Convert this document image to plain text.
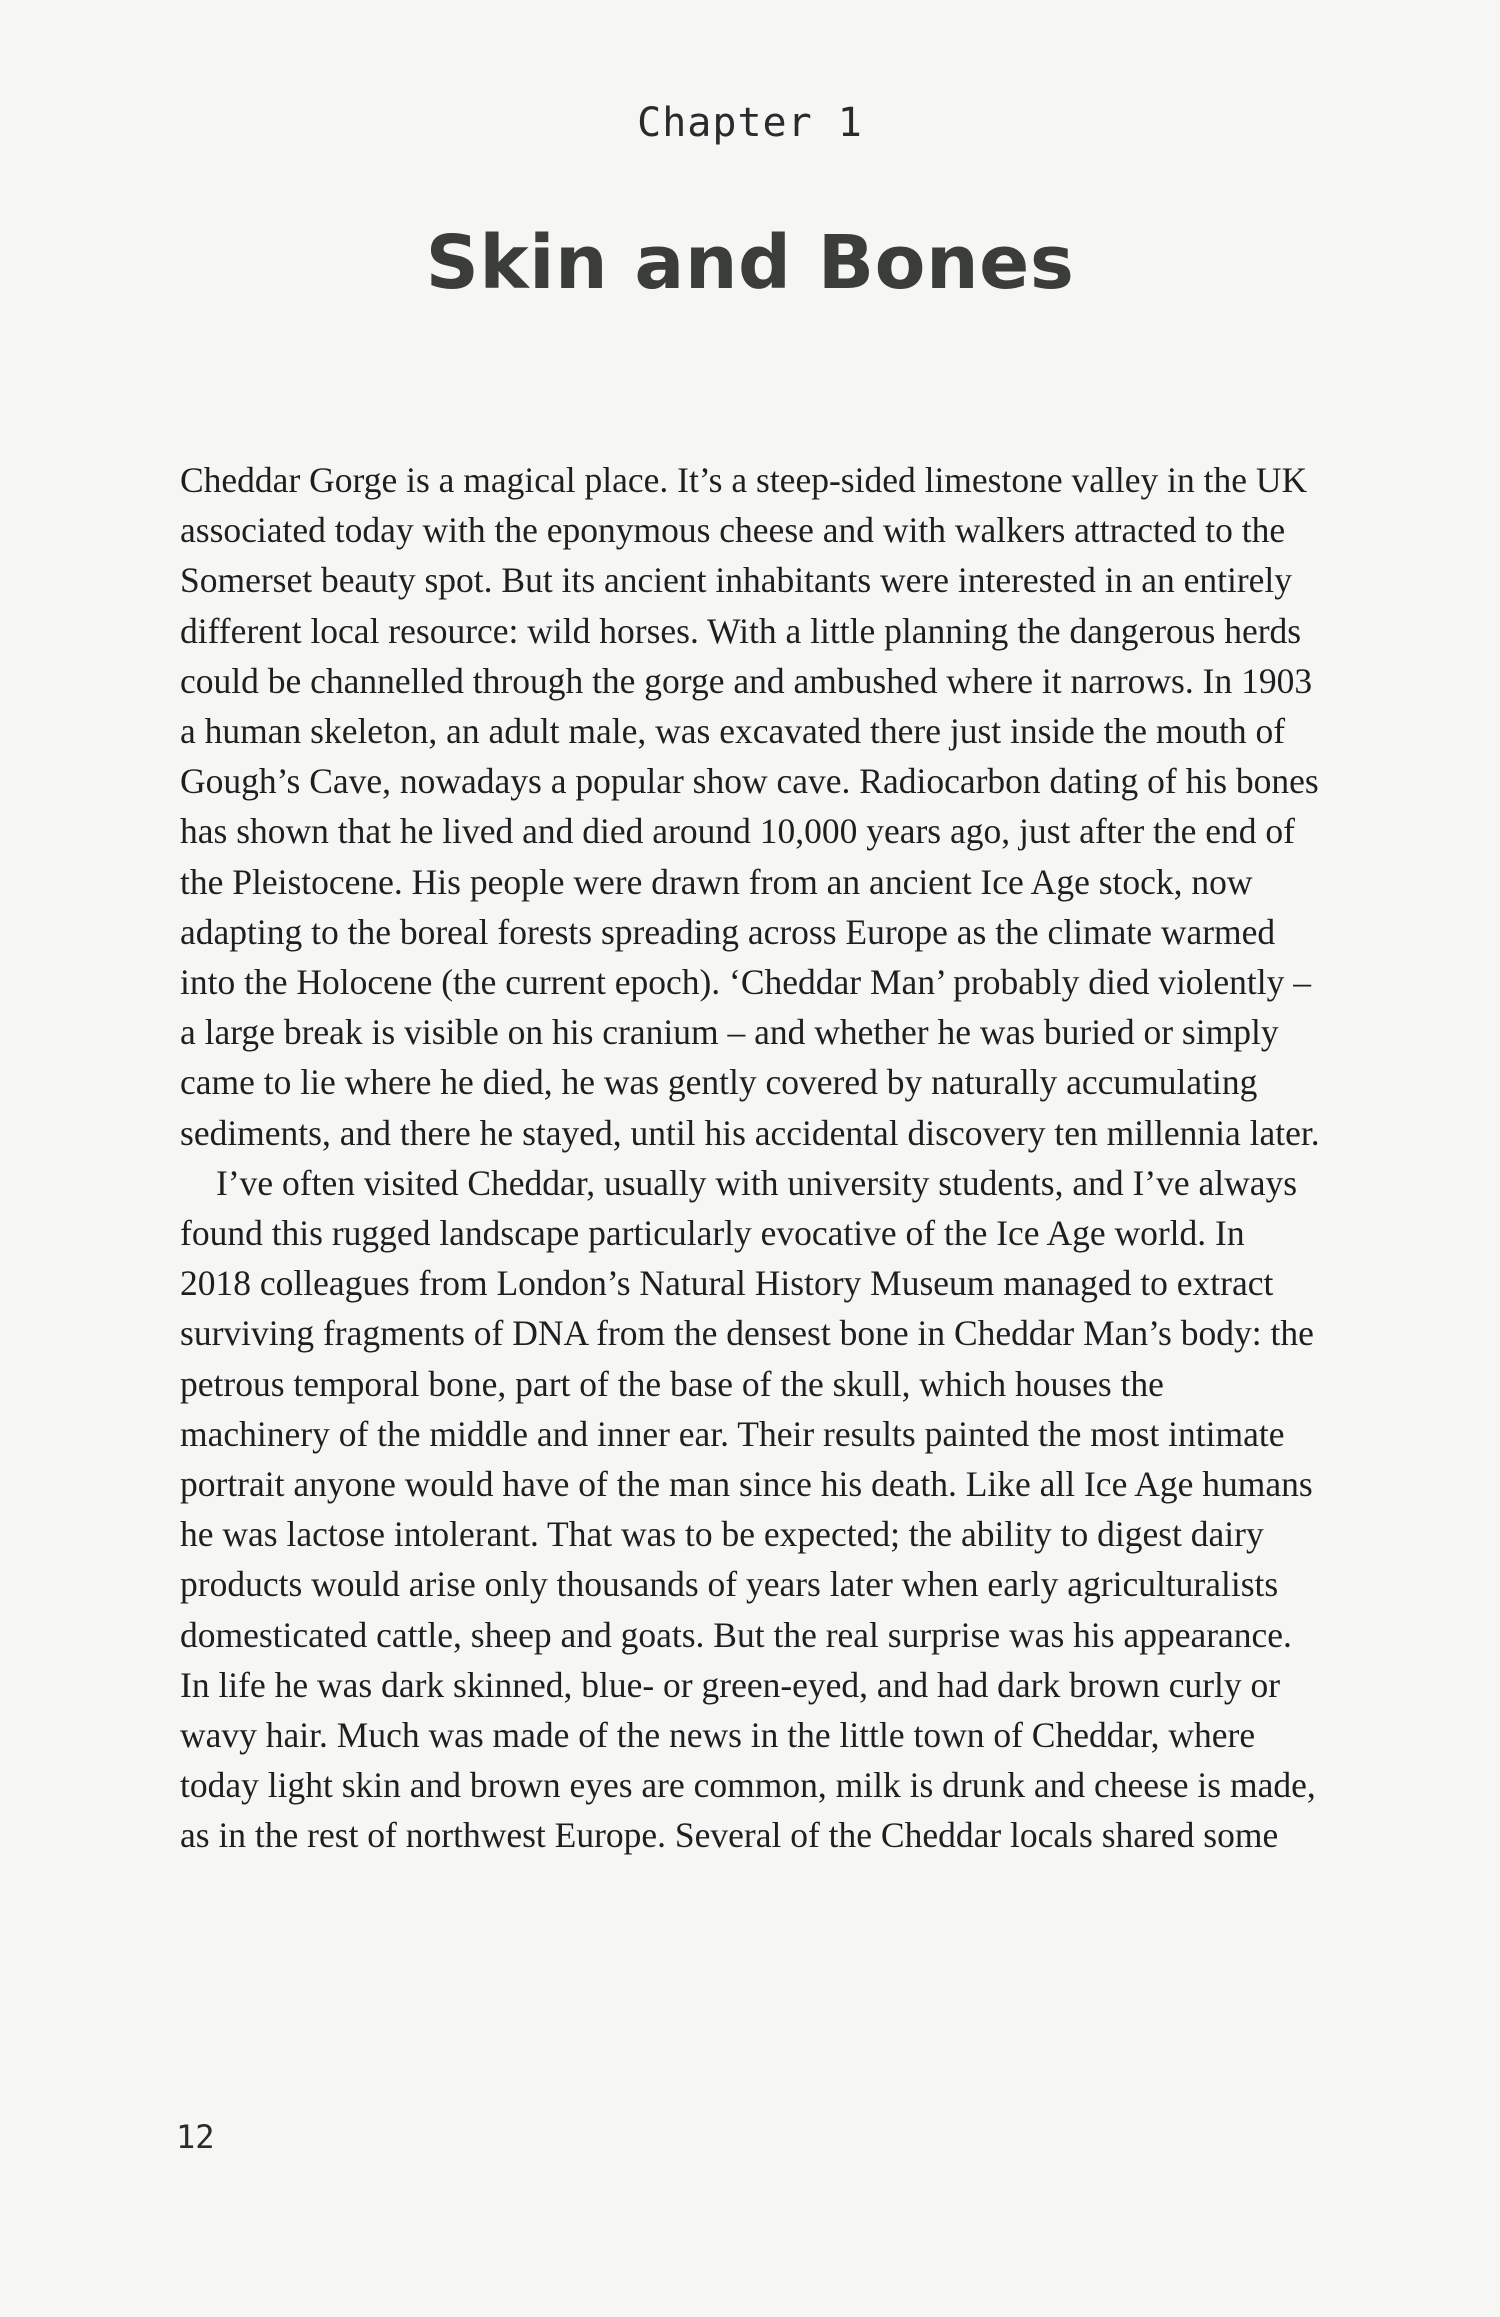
Chapter 1
Skin and Bones

Cheddar Gorge is a magical place. It’s a steep-sided limestone valley in the UK associated today with the eponymous cheese and with walkers attracted to the Somerset beauty spot. But its ancient inhabitants were interested in an entirely different local resource: wild horses. With a little planning the dangerous herds could be channelled through the gorge and ambushed where it narrows. In 1903 a human skeleton, an adult male, was excavated there just inside the mouth of Gough’s Cave, nowadays a popular show cave. Radiocarbon dating of his bones has shown that he lived and died around 10,000 years ago, just after the end of the Pleistocene. His people were drawn from an ancient Ice Age stock, now adapting to the boreal forests spreading across Europe as the climate warmed into the Holocene (the current epoch). ‘Cheddar Man’ probably died violently – a large break is visible on his cranium – and whether he was buried or simply came to lie where he died, he was gently covered by naturally accumulating sediments, and there he stayed, until his accidental discovery ten millennia later.

I’ve often visited Cheddar, usually with university students, and I’ve always found this rugged landscape particularly evocative of the Ice Age world. In 2018 colleagues from London’s Natural History Museum managed to extract surviving fragments of DNA from the densest bone in Cheddar Man’s body: the petrous temporal bone, part of the base of the skull, which houses the machinery of the middle and inner ear. Their results painted the most intimate portrait anyone would have of the man since his death. Like all Ice Age humans he was lactose intolerant. That was to be expected; the ability to digest dairy products would arise only thousands of years later when early agriculturalists domesticated cattle, sheep and goats. But the real surprise was his appearance. In life he was dark skinned, blue- or green-eyed, and had dark brown curly or wavy hair. Much was made of the news in the little town of Cheddar, where today light skin and brown eyes are common, milk is drunk and cheese is made, as in the rest of northwest Europe. Several of the Cheddar locals shared some

12
